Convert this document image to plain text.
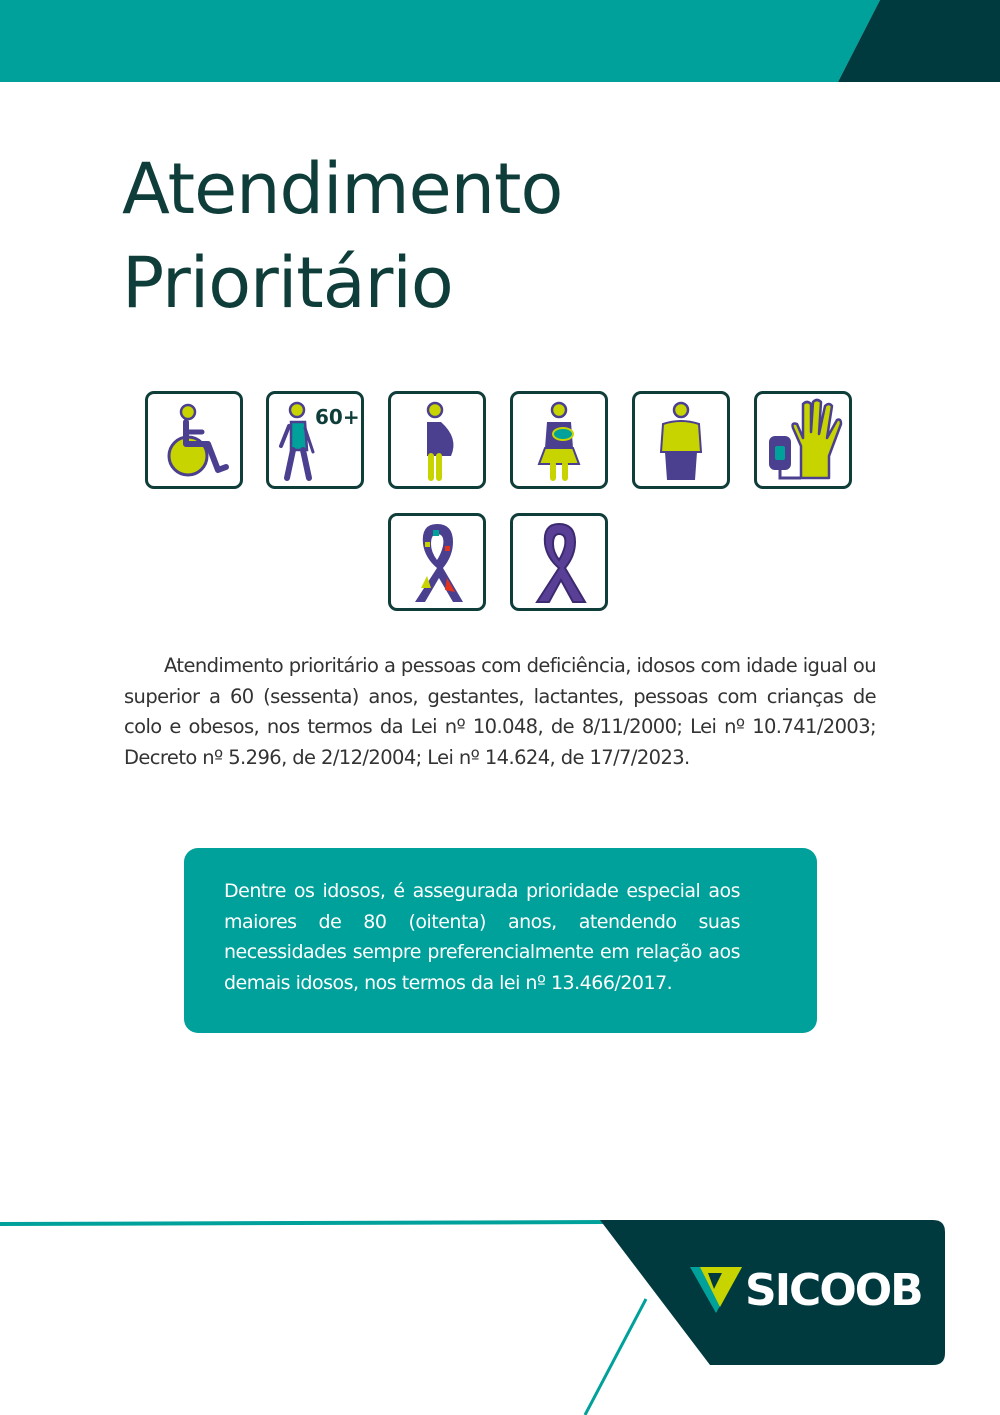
Atendimento
Prioritário
60+

Atendimento prioritário a pessoas com deficiência, idosos com idade igual ou superior a 60 (sessenta) anos, gestantes, lactantes, pessoas com crianças de colo e obesos, nos termos da Lei nº 10.048, de 8/11/2000; Lei nº 10.741/2003; Decreto nº 5.296, de 2/12/2004; Lei nº 14.624, de 17/7/2023.

Dentre os idosos, é assegurada prioridade especial aos maiores de 80 (oitenta) anos, atendendo suas necessidades sempre preferencialmente em relação aos demais idosos, nos termos da lei nº 13.466/2017.

SICOOB
